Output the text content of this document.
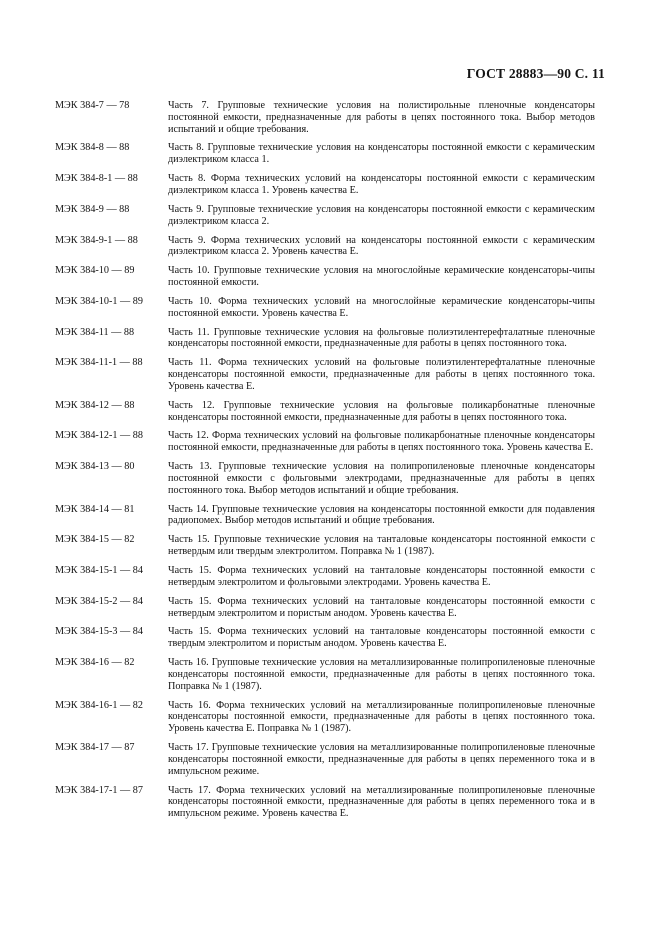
ГОСТ 28883—90 С. 11
МЭК 384-7 — 78	Часть 7. Групповые технические условия на полистирольные пленочные конденсаторы постоянной емкости, предназначенные для работы в цепях постоянного тока. Выбор методов испытаний и общие требования.
МЭК 384-8 — 88	Часть 8. Групповые технические условия на конденсаторы постоянной емкости с керамическим диэлектриком класса 1.
МЭК 384-8-1 — 88	Часть 8. Форма технических условий на конденсаторы постоянной емкости с керамическим диэлектриком класса 1. Уровень качества Е.
МЭК 384-9 — 88	Часть 9. Групповые технические условия на конденсаторы постоянной емкости с керамическим диэлектриком класса 2.
МЭК 384-9-1 — 88	Часть 9. Форма технических условий на конденсаторы постоянной емкости с керамическим диэлектриком класса 2. Уровень качества Е.
МЭК 384-10 — 89	Часть 10. Групповые технические условия на многослойные керамические конденсаторы-чипы постоянной емкости.
МЭК 384-10-1 — 89	Часть 10. Форма технических условий на многослойные керамические конденсаторы-чипы постоянной емкости. Уровень качества Е.
МЭК 384-11 — 88	Часть 11. Групповые технические условия на фольговые полиэтилентерефталатные пленочные конденсаторы постоянной емкости, предназначенные для работы в цепях постоянного тока.
МЭК 384-11-1 — 88	Часть 11. Форма технических условий на фольговые полиэтилентерефталатные пленочные конденсаторы постоянной емкости, предназначенные для работы в цепях постоянного тока. Уровень качества Е.
МЭК 384-12 — 88	Часть 12. Групповые технические условия на фольговые поликарбонатные пленочные конденсаторы постоянной емкости, предназначенные для работы в цепях постоянного тока.
МЭК 384-12-1 — 88	Часть 12. Форма технических условий на фольговые поликарбонатные пленочные конденсаторы постоянной емкости, предназначенные для работы в цепях постоянного тока. Уровень качества Е.
МЭК 384-13 — 80	Часть 13. Групповые технические условия на полипропиленовые пленочные конденсаторы постоянной емкости с фольговыми электродами, предназначенные для работы в цепях постоянного тока. Выбор методов испытаний и общие требования.
МЭК 384-14 — 81	Часть 14. Групповые технические условия на конденсаторы постоянной емкости для подавления радиопомех. Выбор методов испытаний и общие требования.
МЭК 384-15 — 82	Часть 15. Групповые технические условия на танталовые конденсаторы постоянной емкости с нетвердым или твердым электролитом. Поправка № 1 (1987).
МЭК 384-15-1 — 84	Часть 15. Форма технических условий на танталовые конденсаторы постоянной емкости с нетвердым электролитом и фольговыми электродами. Уровень качества Е.
МЭК 384-15-2 — 84	Часть 15. Форма технических условий на танталовые конденсаторы постоянной емкости с нетвердым электролитом и пористым анодом. Уровень качества Е.
МЭК 384-15-3 — 84	Часть 15. Форма технических условий на танталовые конденсаторы постоянной емкости с твердым электролитом и пористым анодом. Уровень качества Е.
МЭК 384-16 — 82	Часть 16. Групповые технические условия на металлизированные полипропиленовые пленочные конденсаторы постоянной емкости, предназначенные для работы в цепях постоянного тока. Поправка № 1 (1987).
МЭК 384-16-1 — 82	Часть 16. Форма технических условий на металлизированные полипропиленовые пленочные конденсаторы постоянной емкости, предназначенные для работы в цепях постоянного тока. Уровень качества Е. Поправка № 1 (1987).
МЭК 384-17 — 87	Часть 17. Групповые технические условия на металлизированные полипропиленовые пленочные конденсаторы постоянной емкости, предназначенные для работы в цепях переменного тока и в импульсном режиме.
МЭК 384-17-1 — 87	Часть 17. Форма технических условий на металлизированные полипропиленовые пленочные конденсаторы постоянной емкости, предназначенные для работы в цепях переменного тока и в импульсном режиме. Уровень качества Е.
